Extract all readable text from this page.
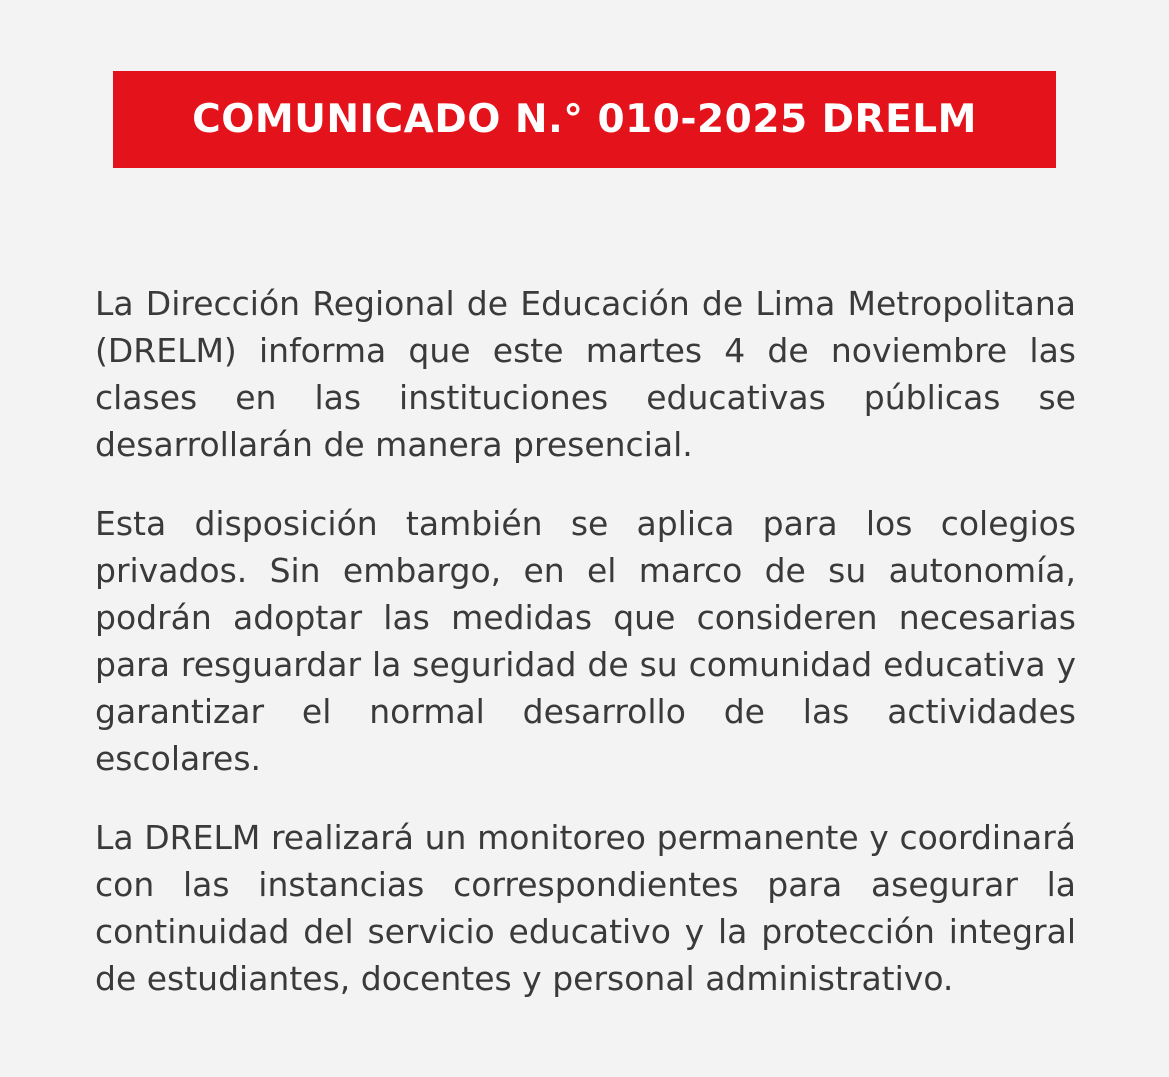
COMUNICADO N.° 010-2025 DRELM

La Dirección Regional de Educación de Lima Metropolitana (DRELM) informa que este martes 4 de noviembre las clases en las instituciones educativas públicas se desarrollarán de manera presencial.

Esta disposición también se aplica para los colegios privados. Sin embargo, en el marco de su autonomía, podrán adoptar las medidas que consideren necesarias para resguardar la seguridad de su comunidad educativa y garantizar el normal desarrollo de las actividades escolares.

La DRELM realizará un monitoreo permanente y coordinará con las instancias correspondientes para asegurar la continuidad del servicio educativo y la protección integral de estudiantes, docentes y personal administrativo.
